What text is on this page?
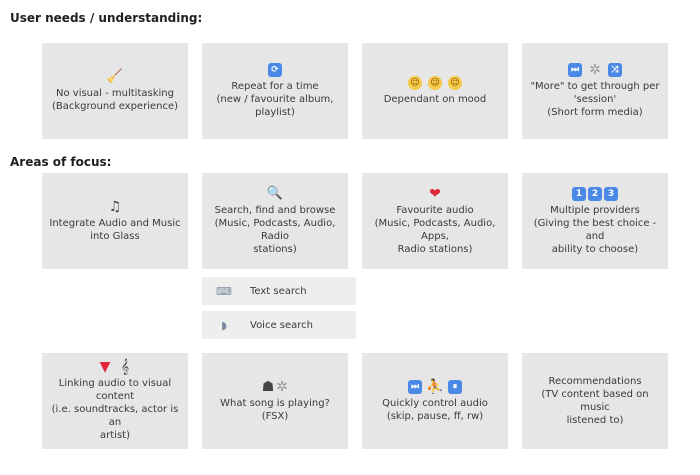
User needs / understanding:
🧹
No visual - multitasking
(Background experience)
⟳
Repeat for a time
(new / favourite album,
playlist)
☺ ☺ ☺
Dependant on mood
⏭ ✲	⤨
"More" to get through per
'session'
(Short form media)
Areas of focus:
♫
Integrate Audio and Music
into Glass
🔍
Search, find and browse
(Music, Podcasts, Audio, Radio
stations)
❤
Favourite audio
(Music, Podcasts, Audio, Apps,
Radio stations)
1	2	3
Multiple providers
(Giving the best choice - and
ability to choose)
⌨ Text search
◗	Voice search
▼ 𝄞
Linking audio to visual
content
(i.e. soundtracks, actor is an
artist)
☗ ✲
What song is playing?
(FSX)
⏭ ⛹	⏸
Quickly control audio
(skip, pause, ff, rw)
Recommendations
(TV content based on music
listened to)
